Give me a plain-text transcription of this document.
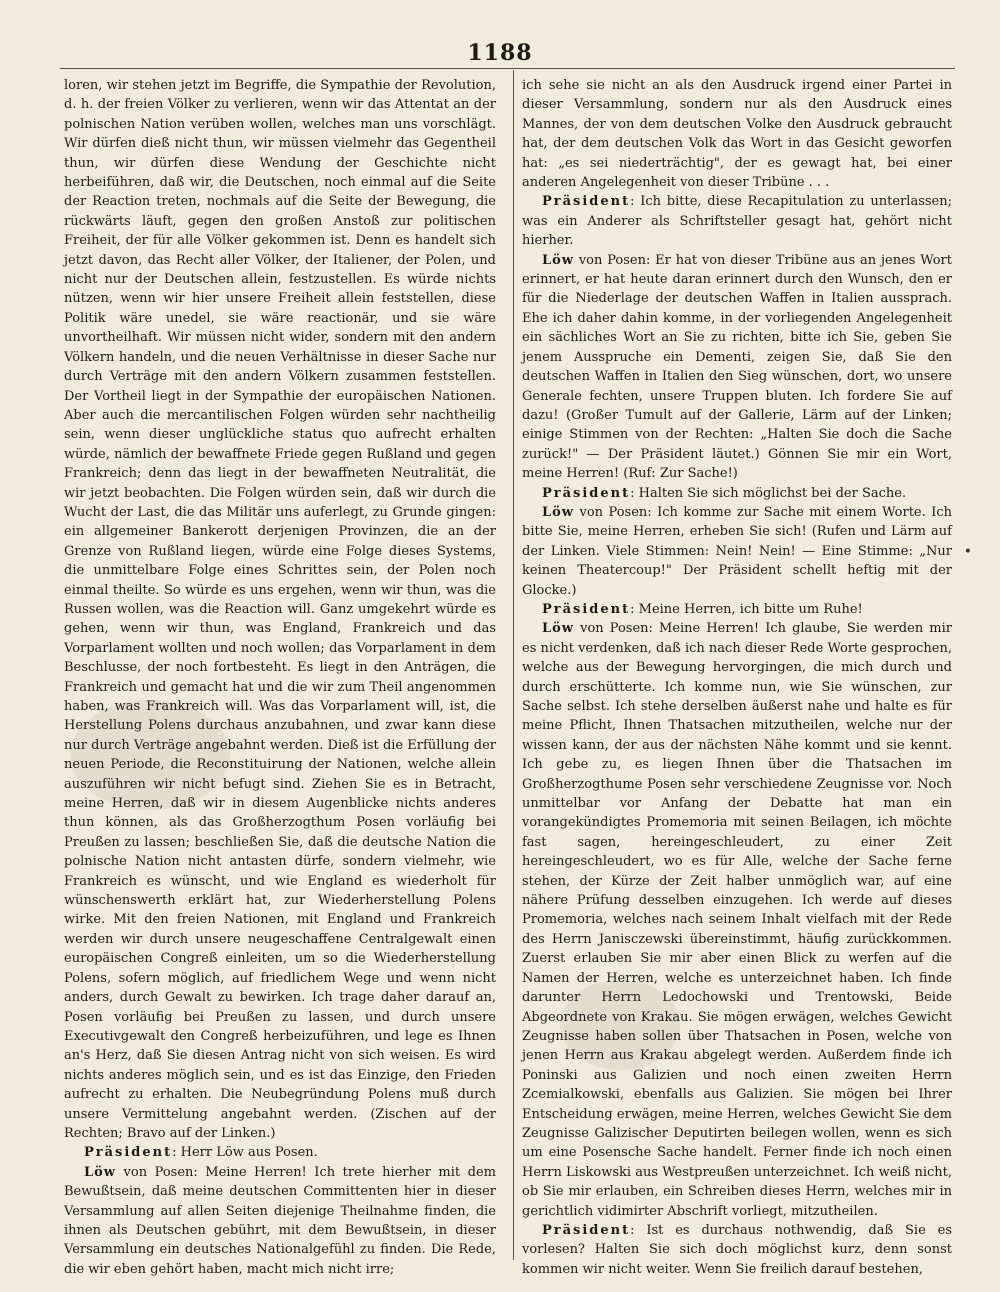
1188

loren, wir stehen jetzt im Begriffe, die Sympathie der Revolution, d. h. der freien Völker zu verlieren, wenn wir das Attentat an der polnischen Nation verüben wollen, welches man uns vorschlägt. Wir dürfen dieß nicht thun, wir müssen vielmehr das Gegentheil thun, wir dürfen diese Wendung der Geschichte nicht herbeiführen, daß wir, die Deutschen, noch einmal auf die Seite der Reaction treten, nochmals auf die Seite der Bewegung, die rückwärts läuft, gegen den großen Anstoß zur politischen Freiheit, der für alle Völker gekommen ist. Denn es handelt sich jetzt davon, das Recht aller Völker, der Italiener, der Polen, und nicht nur der Deutschen allein, festzustellen. Es würde nichts nützen, wenn wir hier unsere Freiheit allein feststellen, diese Politik wäre unedel, sie wäre reactionär, und sie wäre unvortheilhaft. Wir müssen nicht wider, sondern mit den andern Völkern handeln, und die neuen Verhältnisse in dieser Sache nur durch Verträge mit den andern Völkern zusammen feststellen. Der Vortheil liegt in der Sympathie der europäischen Nationen. Aber auch die mercantilischen Folgen würden sehr nachtheilig sein, wenn dieser unglückliche status quo aufrecht erhalten würde, nämlich der bewaffnete Friede gegen Rußland und gegen Frankreich; denn das liegt in der bewaffneten Neutralität, die wir jetzt beobachten. Die Folgen würden sein, daß wir durch die Wucht der Last, die das Militär uns auferlegt, zu Grunde gingen: ein allgemeiner Bankerott derjenigen Provinzen, die an der Grenze von Rußland liegen, würde eine Folge dieses Systems, die unmittelbare Folge eines Schrittes sein, der Polen noch einmal theilte. So würde es uns ergehen, wenn wir thun, was die Russen wollen, was die Reaction will. Ganz umgekehrt würde es gehen, wenn wir thun, was England, Frankreich und das Vorparlament wollten und noch wollen; das Vorparlament in dem Beschlusse, der noch fortbesteht. Es liegt in den Anträgen, die Frankreich und gemacht hat und die wir zum Theil angenommen haben, was Frankreich will. Was das Vorparlament will, ist, die Herstellung Polens durchaus anzubahnen, und zwar kann diese nur durch Verträge angebahnt werden. Dieß ist die Erfüllung der neuen Periode, die Reconstituirung der Nationen, welche allein auszuführen wir nicht befugt sind. Ziehen Sie es in Betracht, meine Herren, daß wir in diesem Augenblicke nichts anderes thun können, als das Großherzogthum Posen vorläufig bei Preußen zu lassen; beschließen Sie, daß die deutsche Nation die polnische Nation nicht antasten dürfe, sondern vielmehr, wie Frankreich es wünscht, und wie England es wiederholt für wünschenswerth erklärt hat, zur Wiederherstellung Polens wirke. Mit den freien Nationen, mit England und Frankreich werden wir durch unsere neugeschaffene Centralgewalt einen europäischen Congreß einleiten, um so die Wiederherstellung Polens, sofern möglich, auf friedlichem Wege und wenn nicht anders, durch Gewalt zu bewirken. Ich trage daher darauf an, Posen vorläufig bei Preußen zu lassen, und durch unsere Executivgewalt den Congreß herbeizuführen, und lege es Ihnen an's Herz, daß Sie diesen Antrag nicht von sich weisen. Es wird nichts anderes möglich sein, und es ist das Einzige, den Frieden aufrecht zu erhalten. Die Neubegründung Polens muß durch unsere Vermittelung angebahnt werden. (Zischen auf der Rechten; Bravo auf der Linken.)

Präsident: Herr Löw aus Posen.

Löw von Posen: Meine Herren! Ich trete hierher mit dem Bewußtsein, daß meine deutschen Committenten hier in dieser Versammlung auf allen Seiten diejenige Theilnahme finden, die ihnen als Deutschen gebührt, mit dem Bewußtsein, in dieser Versammlung ein deutsches Nationalgefühl zu finden. Die Rede, die wir eben gehört haben, macht mich nicht irre;

ich sehe sie nicht an als den Ausdruck irgend einer Partei in dieser Versammlung, sondern nur als den Ausdruck eines Mannes, der von dem deutschen Volke den Ausdruck gebraucht hat, der dem deutschen Volk das Wort in das Gesicht geworfen hat: „es sei niederträchtig", der es gewagt hat, bei einer anderen Angelegenheit von dieser Tribüne . . .

Präsident: Ich bitte, diese Recapitulation zu unterlassen; was ein Anderer als Schriftsteller gesagt hat, gehört nicht hierher.

Löw von Posen: Er hat von dieser Tribüne aus an jenes Wort erinnert, er hat heute daran erinnert durch den Wunsch, den er für die Niederlage der deutschen Waffen in Italien aussprach. Ehe ich daher dahin komme, in der vorliegenden Angelegenheit ein sächliches Wort an Sie zu richten, bitte ich Sie, geben Sie jenem Ausspruche ein Dementi, zeigen Sie, daß Sie den deutschen Waffen in Italien den Sieg wünschen, dort, wo unsere Generale fechten, unsere Truppen bluten. Ich fordere Sie auf dazu! (Großer Tumult auf der Gallerie, Lärm auf der Linken; einige Stimmen von der Rechten: „Halten Sie doch die Sache zurück!" — Der Präsident läutet.) Gönnen Sie mir ein Wort, meine Herren! (Ruf: Zur Sache!)

Präsident: Halten Sie sich möglichst bei der Sache.

Löw von Posen: Ich komme zur Sache mit einem Worte. Ich bitte Sie, meine Herren, erheben Sie sich! (Rufen und Lärm auf der Linken. Viele Stimmen: Nein! Nein! — Eine Stimme: „Nur keinen Theatercoup!" Der Präsident schellt heftig mit der Glocke.)

Präsident: Meine Herren, ich bitte um Ruhe!

Löw von Posen: Meine Herren! Ich glaube, Sie werden mir es nicht verdenken, daß ich nach dieser Rede Worte gesprochen, welche aus der Bewegung hervorgingen, die mich durch und durch erschütterte. Ich komme nun, wie Sie wünschen, zur Sache selbst. Ich stehe derselben äußerst nahe und halte es für meine Pflicht, Ihnen Thatsachen mitzutheilen, welche nur der wissen kann, der aus der nächsten Nähe kommt und sie kennt. Ich gebe zu, es liegen Ihnen über die Thatsachen im Großherzogthume Posen sehr verschiedene Zeugnisse vor. Noch unmittelbar vor Anfang der Debatte hat man ein vorangekündigtes Promemoria mit seinen Beilagen, ich möchte fast sagen, hereingeschleudert, zu einer Zeit hereingeschleudert, wo es für Alle, welche der Sache ferne stehen, der Kürze der Zeit halber unmöglich war, auf eine nähere Prüfung desselben einzugehen. Ich werde auf dieses Promemoria, welches nach seinem Inhalt vielfach mit der Rede des Herrn Janisczewski übereinstimmt, häufig zurückkommen. Zuerst erlauben Sie mir aber einen Blick zu werfen auf die Namen der Herren, welche es unterzeichnet haben. Ich finde darunter Herrn Ledochowski und Trentowski, Beide Abgeordnete von Krakau. Sie mögen erwägen, welches Gewicht Zeugnisse haben sollen über Thatsachen in Posen, welche von jenen Herrn aus Krakau abgelegt werden. Außerdem finde ich Poninski aus Galizien und noch einen zweiten Herrn Zcemialkowski, ebenfalls aus Galizien. Sie mögen bei Ihrer Entscheidung erwägen, meine Herren, welches Gewicht Sie dem Zeugnisse Galizischer Deputirten beilegen wollen, wenn es sich um eine Posensche Sache handelt. Ferner finde ich noch einen Herrn Liskowski aus Westpreußen unterzeichnet. Ich weiß nicht, ob Sie mir erlauben, ein Schreiben dieses Herrn, welches mir in gerichtlich vidimirter Abschrift vorliegt, mitzutheilen.

Präsident: Ist es durchaus nothwendig, daß Sie es vorlesen? Halten Sie sich doch möglichst kurz, denn sonst kommen wir nicht weiter. Wenn Sie freilich darauf bestehen,

•
